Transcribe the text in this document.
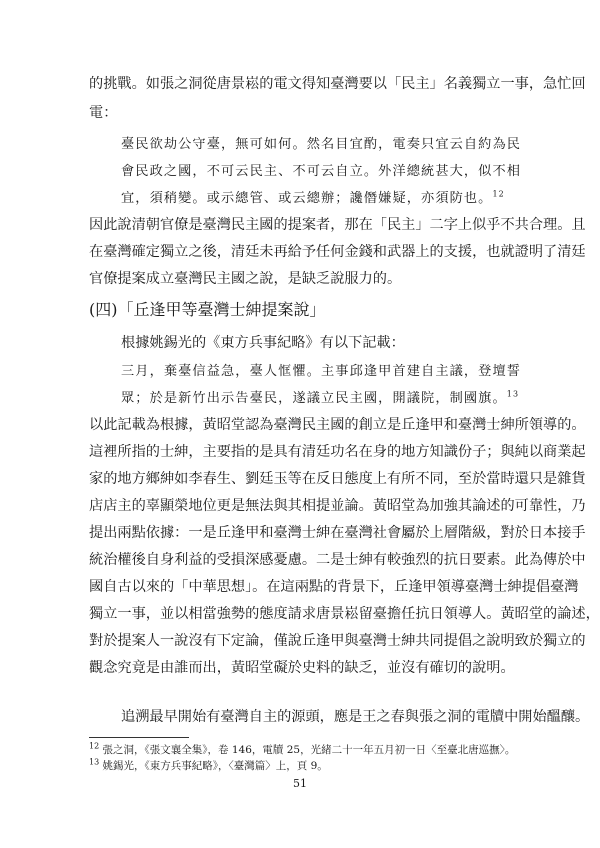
的挑戰。如張之洞從唐景崧的電文得知臺灣要以「民主」名義獨立一事，急忙回
電：
臺民欲劫公守臺，無可如何。然名目宜酌，電奏只宜云自約為民
會民政之國，不可云民主、不可云自立。外洋總統甚大，似不相
宜，須稍變。或示總管、或云總辦；讒僭嫌疑，亦須防也。$^{12}$
因此說清朝官僚是臺灣民主國的提案者，那在「民主」二字上似乎不共合理。且
在臺灣確定獨立之後，清廷未再給予任何金錢和武器上的支援，也就證明了清廷
官僚提案成立臺灣民主國之說，是缺乏說服力的。
(四)「丘逢甲等臺灣士紳提案說」
根據姚錫光的《東方兵事紀略》有以下記載：
三月，棄臺信益急，臺人恇懼。主事邱逢甲首建自主議，登壇誓
眾；於是新竹出示告臺民，遂議立民主國，開議院，制國旗。$^{13}$
以此記載為根據，黃昭堂認為臺灣民主國的創立是丘逢甲和臺灣士紳所領導的。
這裡所指的士紳，主要指的是具有清廷功名在身的地方知識份子；與純以商業起
家的地方鄉紳如李春生、劉廷玉等在反日態度上有所不同，至於當時還只是雜貨
店店主的辜顯榮地位更是無法與其相提並論。黃昭堂為加強其論述的可靠性，乃
提出兩點依據：一是丘逢甲和臺灣士紳在臺灣社會屬於上層階級，對於日本接手
統治權後自身利益的受損深感憂慮。二是士紳有較強烈的抗日要素。此為傳於中
國自古以來的「中華思想」。在這兩點的背景下，丘逢甲領導臺灣士紳提倡臺灣
獨立一事，並以相當強勢的態度請求唐景崧留臺擔任抗日領導人。黃昭堂的論述，
對於提案人一說沒有下定論，僅說丘逢甲與臺灣士紳共同提倡之說明致於獨立的
觀念究竟是由誰而出，黃昭堂礙於史料的缺乏，並沒有確切的說明。
追溯最早開始有臺灣自主的源頭，應是王之春與張之洞的電牘中開始醞釀。
$^{12}$ 張之洞，《張文襄全集》，卷 146，電牘 25，光緒二十一年五月初一日〈至臺北唐巡撫〉。
$^{13}$ 姚錫光，《東方兵事紀略》，〈臺灣篇〉上，頁 9。
51
